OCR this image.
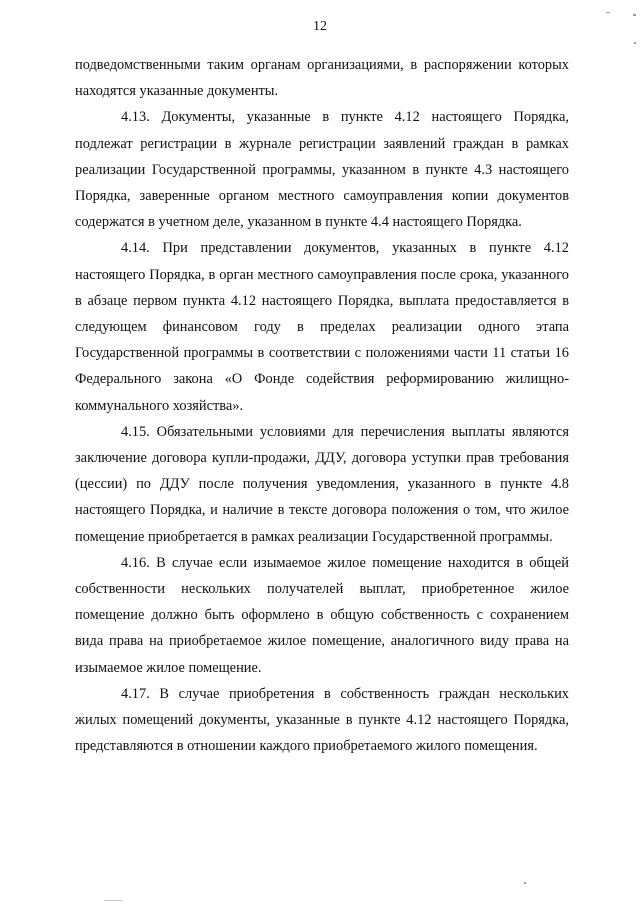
12

подведомственными таким органам организациями, в распоряжении которых находятся указанные документы.

4.13. Документы, указанные в пункте 4.12 настоящего Порядка, подлежат регистрации в журнале регистрации заявлений граждан в рамках реализации Государственной программы, указанном в пункте 4.3 настоящего Порядка, заверенные органом местного самоуправления копии документов содержатся в учетном деле, указанном в пункте 4.4 настоящего Порядка.

4.14. При представлении документов, указанных в пункте 4.12 настоящего Порядка, в орган местного самоуправления после срока, указанного в абзаце первом пункта 4.12 настоящего Порядка, выплата предоставляется в следующем финансовом году в пределах реализации одного этапа Государственной программы в соответствии с положениями части 11 статьи 16 Федерального закона «О Фонде содействия реформированию жилищно-коммунального хозяйства».

4.15. Обязательными условиями для перечисления выплаты являются заключение договора купли-продажи, ДДУ, договора уступки прав требования (цессии) по ДДУ после получения уведомления, указанного в пункте 4.8 настоящего Порядка, и наличие в тексте договора положения о том, что жилое помещение приобретается в рамках реализации Государственной программы.

4.16. В случае если изымаемое жилое помещение находится в общей собственности нескольких получателей выплат, приобретенное жилое помещение должно быть оформлено в общую собственность с сохранением вида права на приобретаемое жилое помещение, аналогичного виду права на изымаемое жилое помещение.

4.17. В случае приобретения в собственность граждан нескольких жилых помещений документы, указанные в пункте 4.12 настоящего Порядка, представляются в отношении каждого приобретаемого жилого помещения.
